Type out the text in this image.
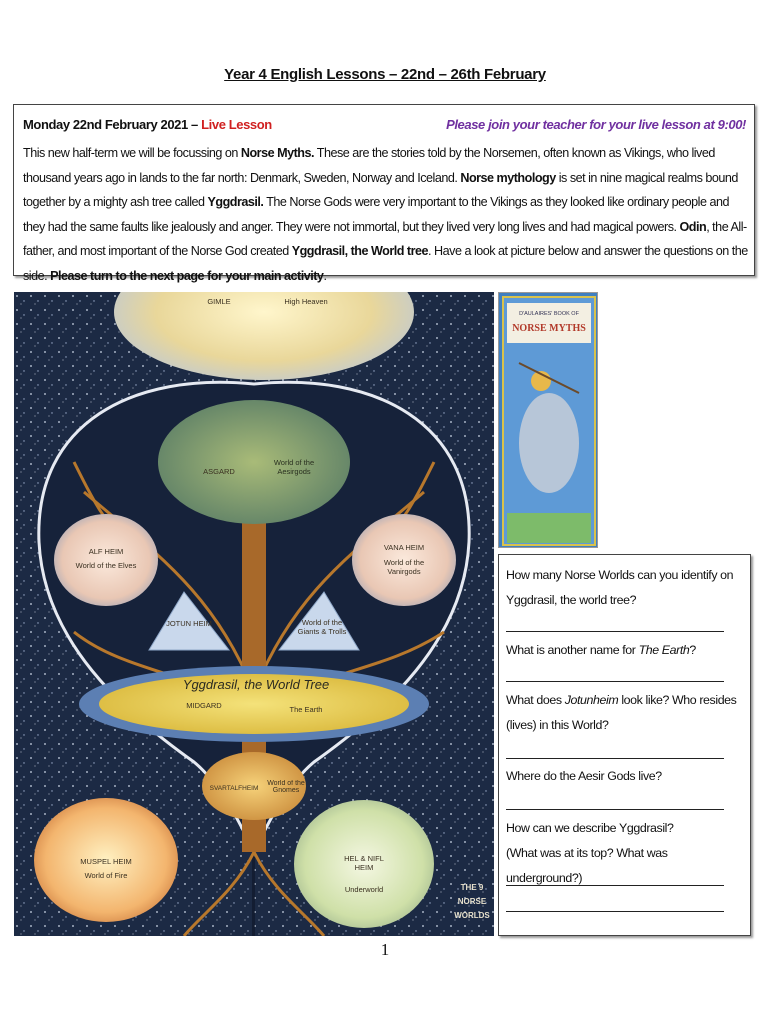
Year 4 English Lessons – 22nd – 26th February
Monday 22nd February 2021 – Live Lesson	Please join your teacher for your live lesson at 9:00!
This new half-term we will be focussing on Norse Myths. These are the stories told by the Norsemen, often known as Vikings, who lived thousand years ago in lands to the far north: Denmark, Sweden, Norway and Iceland. Norse mythology is set in nine magical realms bound together by a mighty ash tree called Yggdrasil. The Norse Gods were very important to the Vikings as they looked like ordinary people and they had the same faults like jealously and anger. They were not immortal, but they lived very long lives and had magical powers. Odin, the All-father, and most important of the Norse God created Yggdrasil, the World tree. Have a look at picture below and answer the questions on the side. Please turn to the next page for your main activity.
GIMLE	High Heaven
ASGARD
World of the Aesirgods
ALF HEIM
World of the Elves
VANA HEIM
World of the Vanirgods
JOTUN HEIM	World of the Giants & Trolls
MIDGARD	The Earth
SVARTALFHEIM
World of the Gnomes
MUSPEL HEIM
World of Fire
HEL & NIFL HEIM
Underworld
Yggdrasil, the World Tree
THE 9
NORSE
WORLDS
D'AULAIRES' BOOK OF
NORSE MYTHS
How many Norse Worlds can you identify on Yggdrasil, the world tree?
What is another name for The Earth?
What does Jotunheim look like? Who resides (lives) in this World?
Where do the Aesir Gods live?
How can we describe Yggdrasil?
(What was at its top? What was underground?)
1
